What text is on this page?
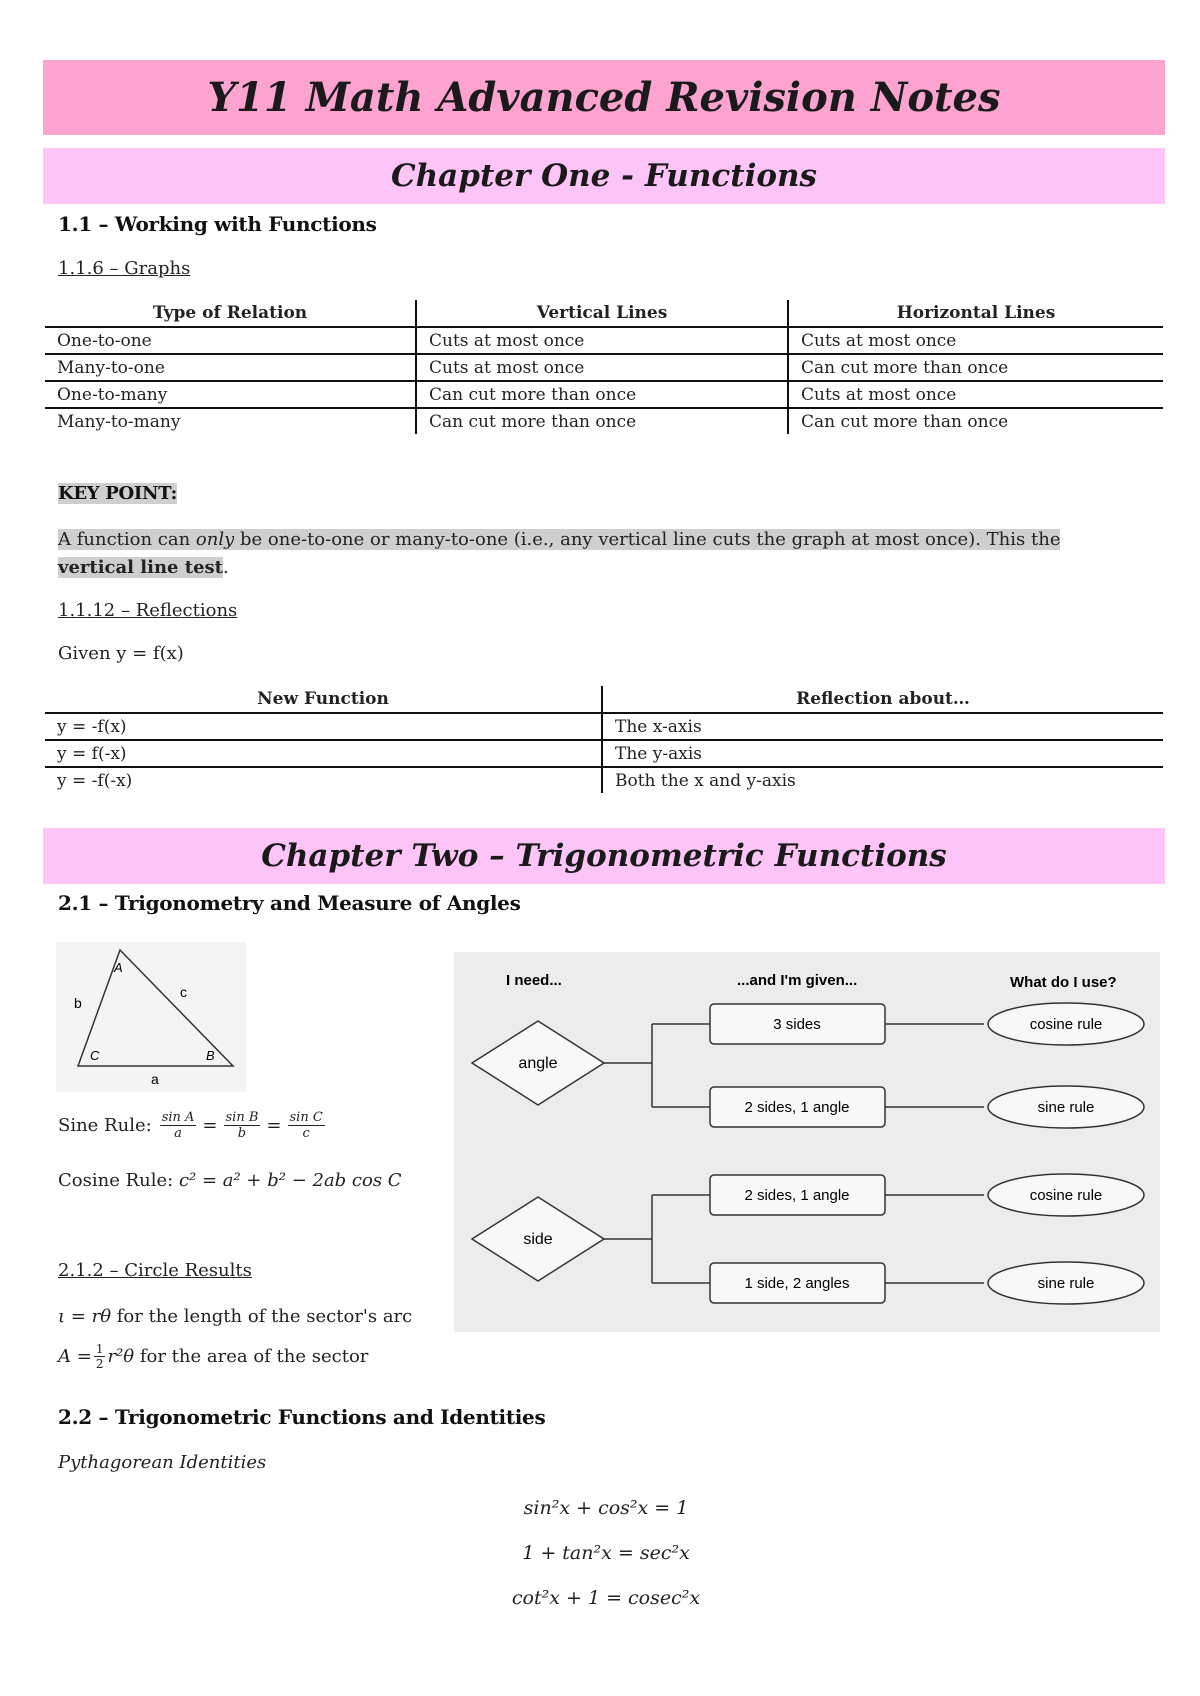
Y11 Math Advanced Revision Notes
Chapter One - Functions
1.1 – Working with Functions
1.1.6 – Graphs
Type of Relation	Vertical Lines	Horizontal Lines
One-to-one	Cuts at most once	Cuts at most once
Many-to-one	Cuts at most once	Can cut more than once
One-to-many	Can cut more than once	Cuts at most once
Many-to-many	Can cut more than once	Can cut more than once
KEY POINT:
A function can only be one-to-one or many-to-one (i.e., any vertical line cuts the graph at most once). This the vertical line test.
1.1.12 – Reflections
Given y = f(x)
New Function	Reflection about…
y = -f(x)	The x-axis
y = f(-x)	The y-axis
y = -f(-x)	Both the x and y-axis
Chapter Two – Trigonometric Functions
2.1 – Trigonometry and Measure of Angles
A
C	B
b
c
a
Sine Rule: $\frac{\text{sin A}}{a} = \frac{\text{sin B}}{b} = \frac{\text{sin C}}{c}$
Cosine Rule: c² = a² + b² − 2ab cos C
I need...	...and I'm given...	What do I use?
angle
side
3 sides
2 sides, 1 angle
2 sides, 1 angle
1 side, 2 angles
cosine rule
sine rule
cosine rule
sine rule
2.1.2 – Circle Results
ι = rθ for the length of the sector's arc
$A = \frac{1}{2} r^2\theta$ for the area of the sector
2.2 – Trigonometric Functions and Identities
Pythagorean Identities
sin²x + cos²x = 1
1 + tan²x = sec²x
cot²x + 1 = cosec²x
